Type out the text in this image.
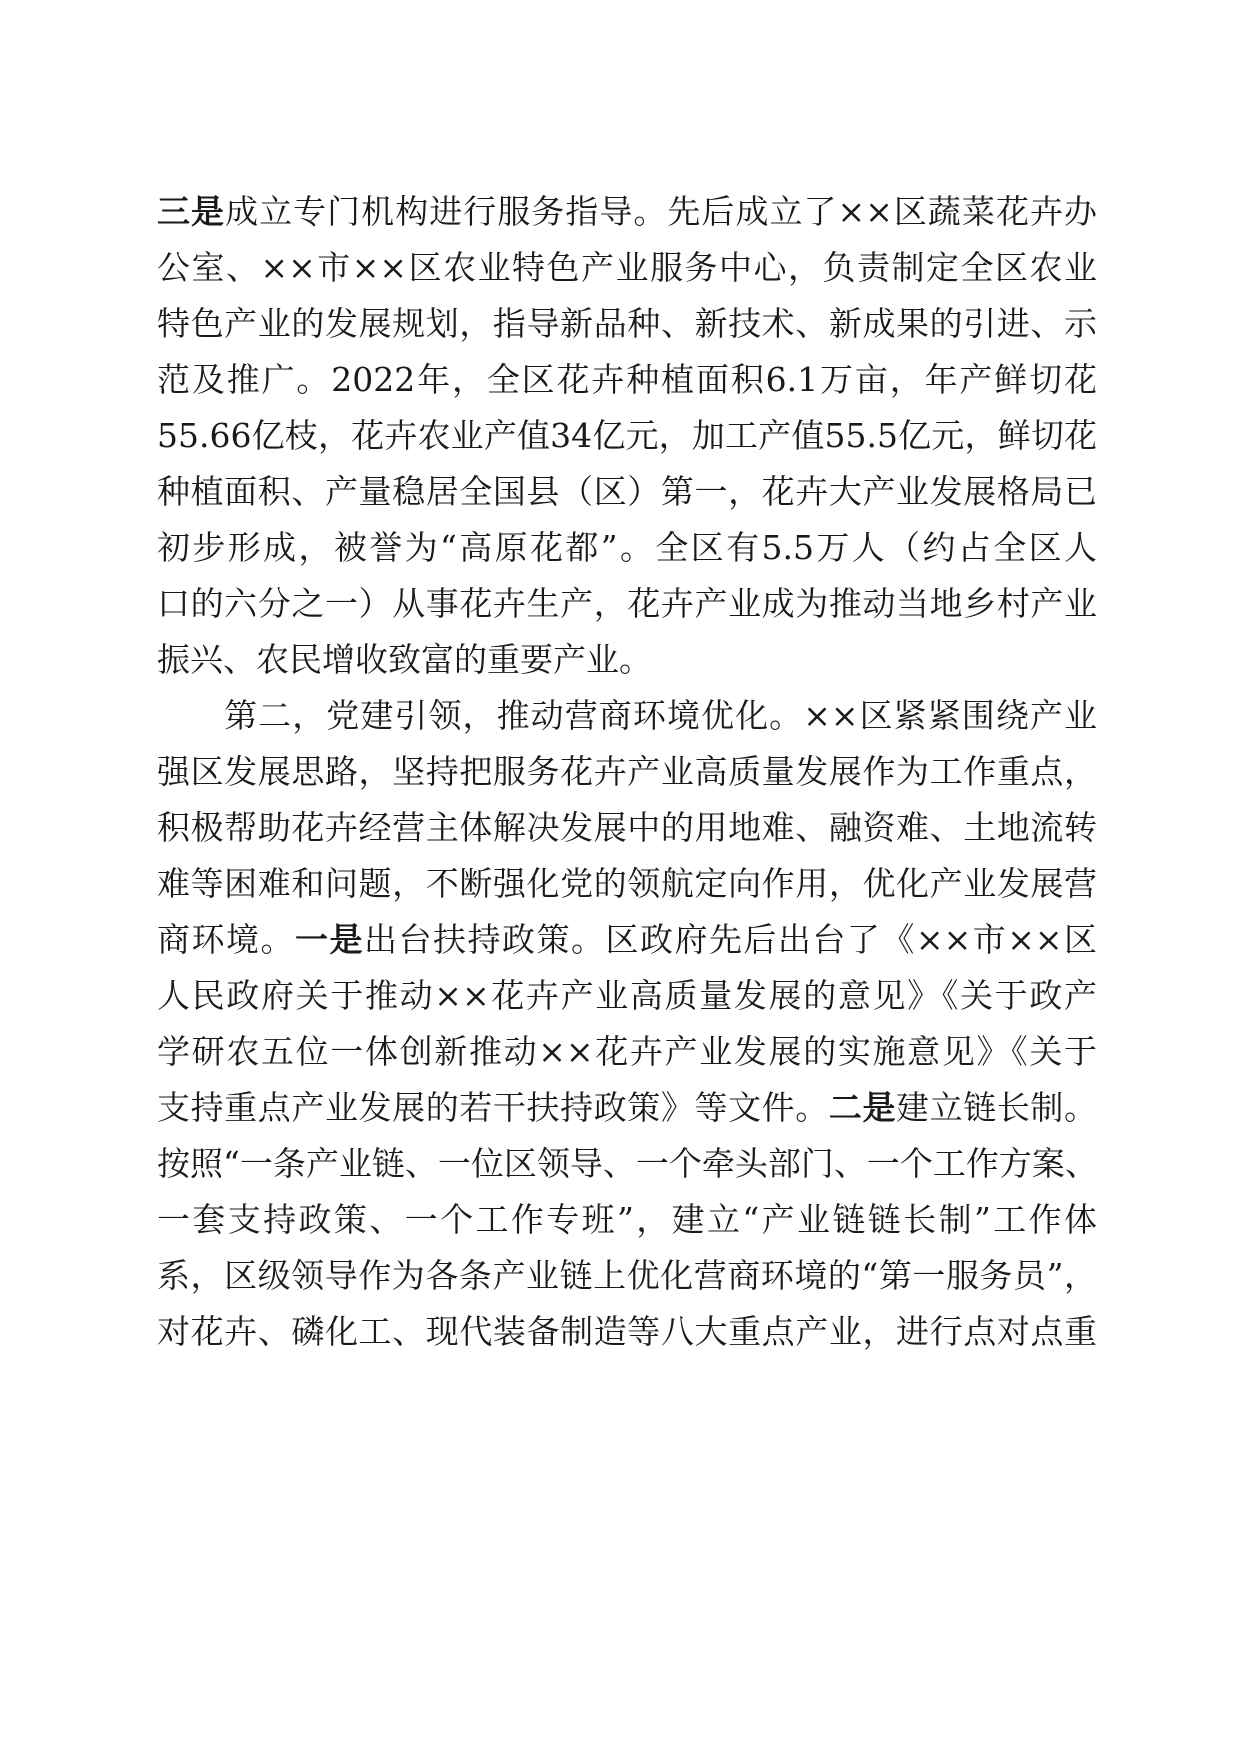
三是成立专门机构进行服务指导。先后成立了××区蔬菜花卉办
公室、××市××区农业特色产业服务中心，负责制定全区农业
特色产业的发展规划，指导新品种、新技术、新成果的引进、示
范及推广。2022年，全区花卉种植面积6.1万亩，年产鲜切花
55.66亿枝，花卉农业产值34亿元，加工产值55.5亿元，鲜切花
种植面积、产量稳居全国县（区）第一，花卉大产业发展格局已
初步形成，被誉为“高原花都”。全区有5.5万人（约占全区人
口的六分之一）从事花卉生产，花卉产业成为推动当地乡村产业
振兴、农民增收致富的重要产业。
第二，党建引领，推动营商环境优化。××区紧紧围绕产业
强区发展思路，坚持把服务花卉产业高质量发展作为工作重点，
积极帮助花卉经营主体解决发展中的用地难、融资难、土地流转
难等困难和问题，不断强化党的领航定向作用，优化产业发展营
商环境。一是出台扶持政策。区政府先后出台了《××市××区
人民政府关于推动××花卉产业高质量发展的意见》《关于政产
学研农五位一体创新推动××花卉产业发展的实施意见》《关于
支持重点产业发展的若干扶持政策》等文件。二是建立链长制。
按照“一条产业链、一位区领导、一个牵头部门、一个工作方案、
一套支持政策、一个工作专班”，建立“产业链链长制”工作体
系，区级领导作为各条产业链上优化营商环境的“第一服务员”，
对花卉、磷化工、现代装备制造等八大重点产业，进行点对点重
